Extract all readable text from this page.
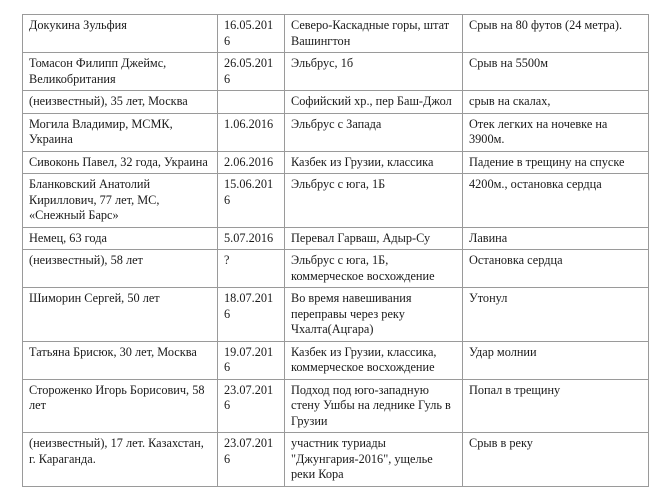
Докукина Зульфия	16.05.2016	Северо-Каскадные горы, штат Вашингтон	Срыв на 80 футов (24 метра).

Томасон Филипп Джеймс, Великобритания	26.05.2016	Эльбрус, 1б	Срыв на 5500м

(неизвестный), 35 лет, Москва		Софийский хр., пер Баш-Джол	срыв на скалах,

Могила Владимир, МСМК, Украина	1.06.2016	Эльбрус с Запада	Отек легких на ночевке на 3900м.

Сивоконь Павел, 32 года, Украина	2.06.2016	Казбек из Грузии, классика	Падение в трещину на спуске

Бланковский Анатолий Кириллович, 77 лет, МС, «Снежный Барс»	15.06.2016	Эльбрус с юга, 1Б	4200м., остановка сердца

Немец, 63 года	5.07.2016	Перевал Гарваш, Адыр-Су	Лавина

(неизвестный), 58 лет	?	Эльбрус с юга, 1Б, коммерческое восхождение	Остановка сердца

Шиморин Сергей, 50 лет	18.07.2016	Во время навешивания переправы через реку Чхалта(Ацгара)	Утонул

Татьяна Брисюк, 30 лет, Москва	19.07.2016	Казбек из Грузии, классика, коммерческое восхождение	Удар молнии

Стороженко Игорь Борисович, 58 лет	23.07.2016	Подход под юго-западную стену Ушбы на леднике Гуль в Грузии	Попал в трещину

(неизвестный), 17 лет. Казахстан, г. Караганда.	23.07.2016	участник туриады "Джунгария-2016", ущелье реки Кора	Срыв в реку
